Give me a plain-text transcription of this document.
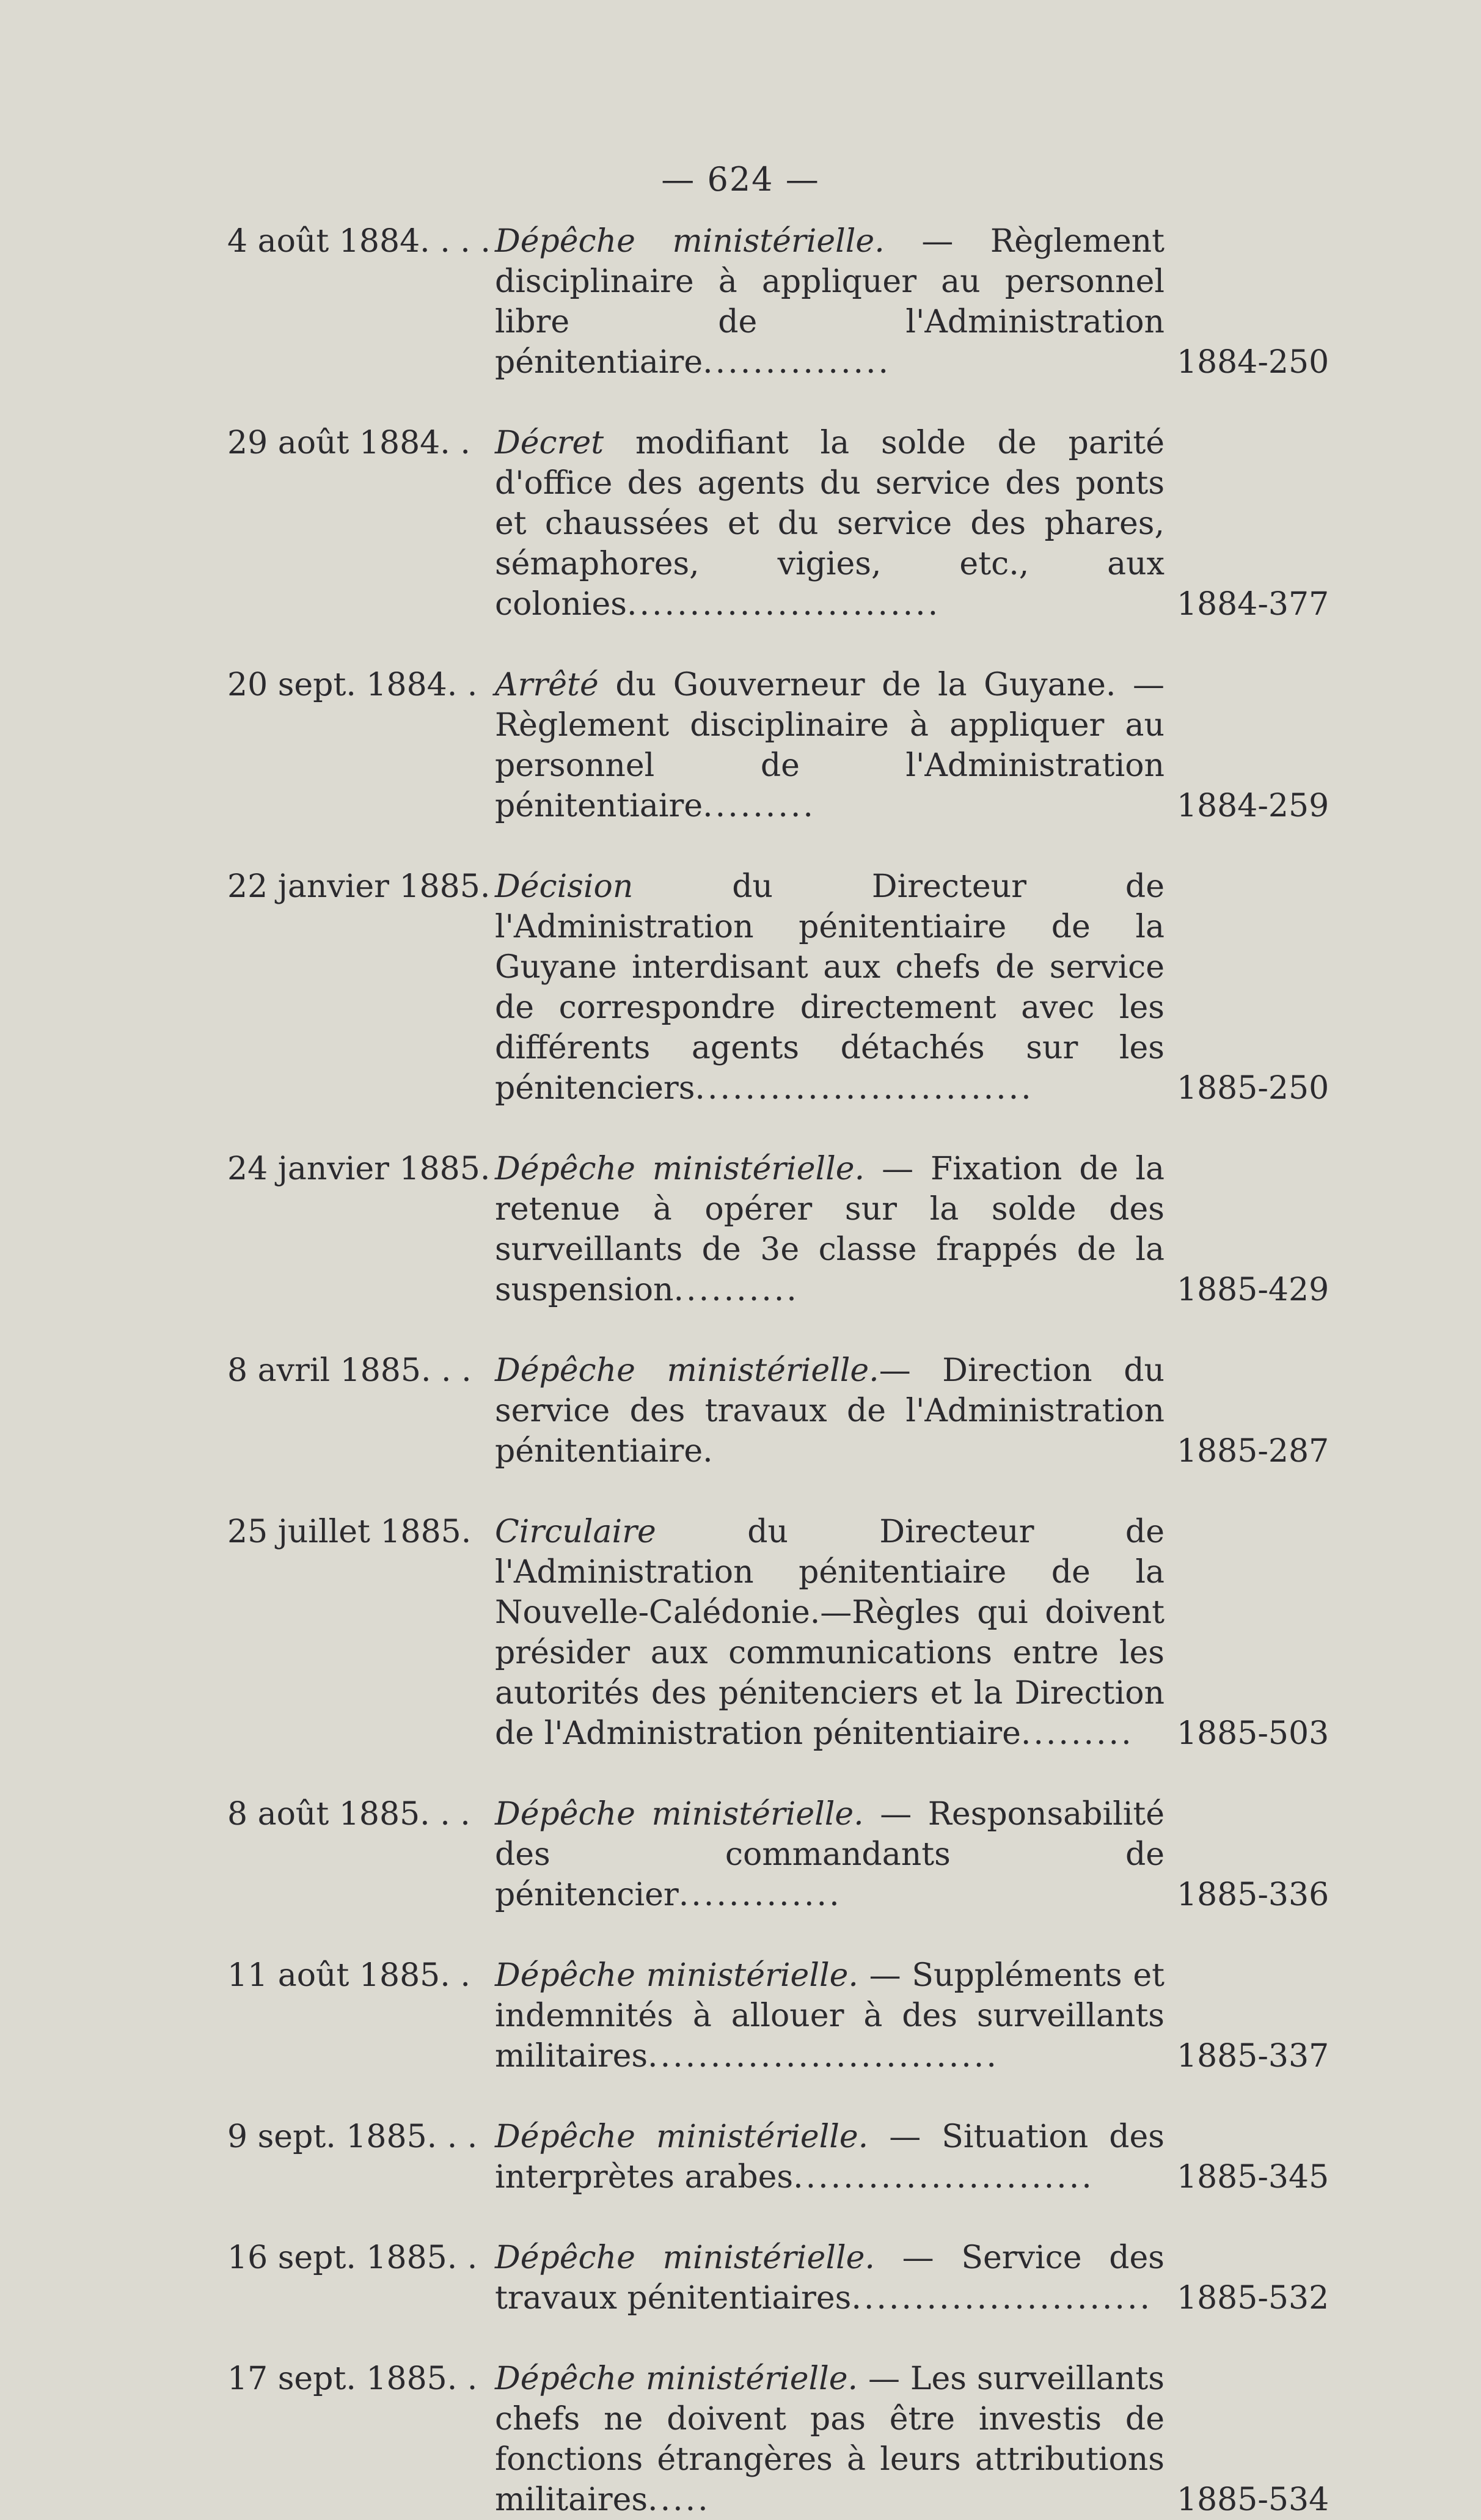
— 624 —
4 août 1884. . . . Dépêche ministérielle. — Règlement disciplinaire à appliquer au personnel libre de l'Administration pénitentiaire...............	1884-250
29 août 1884. . Décret modifiant la solde de parité d'office des agents du service des ponts et chaussées et du service des phares, sémaphores, vigies, etc., aux colonies.........................	1884-377
20 sept. 1884. . Arrêté du Gouverneur de la Guyane. — Règlement disciplinaire à appliquer au personnel de l'Administration pénitentiaire.........	1884-259
22 janvier 1885. Décision du Directeur de l'Administration pénitentiaire de la Guyane interdisant aux chefs de service de correspondre directement avec les différents agents détachés sur les pénitenciers...........................	1885-250
24 janvier 1885. Dépêche ministérielle. — Fixation de la retenue à opérer sur la solde des surveillants de 3e classe frappés de la suspension..........	1885-429
8 avril 1885. . . Dépêche ministérielle.— Direction du service des travaux de l'Administration pénitentiaire.	1885-287
25 juillet 1885. Circulaire du Directeur de l'Administration pénitentiaire de la Nouvelle-Calédonie.—Règles qui doivent présider aux communications entre les autorités des pénitenciers et la Direction de l'Administration pénitentiaire.........	1885-503
8 août 1885. . . Dépêche ministérielle. — Responsabilité des commandants de pénitencier.............	1885-336
11 août 1885. . Dépêche ministérielle. — Suppléments et indemnités à allouer à des surveillants militaires............................	1885-337
9 sept. 1885. . . Dépêche ministérielle. — Situation des interprètes arabes........................	1885-345
16 sept. 1885. . Dépêche ministérielle. — Service des travaux pénitentiaires........................ 1885-532
17 sept. 1885. . Dépêche ministérielle. — Les surveillants chefs ne doivent pas être investis de fonctions étrangères à leurs attributions militaires.....	1885-534
